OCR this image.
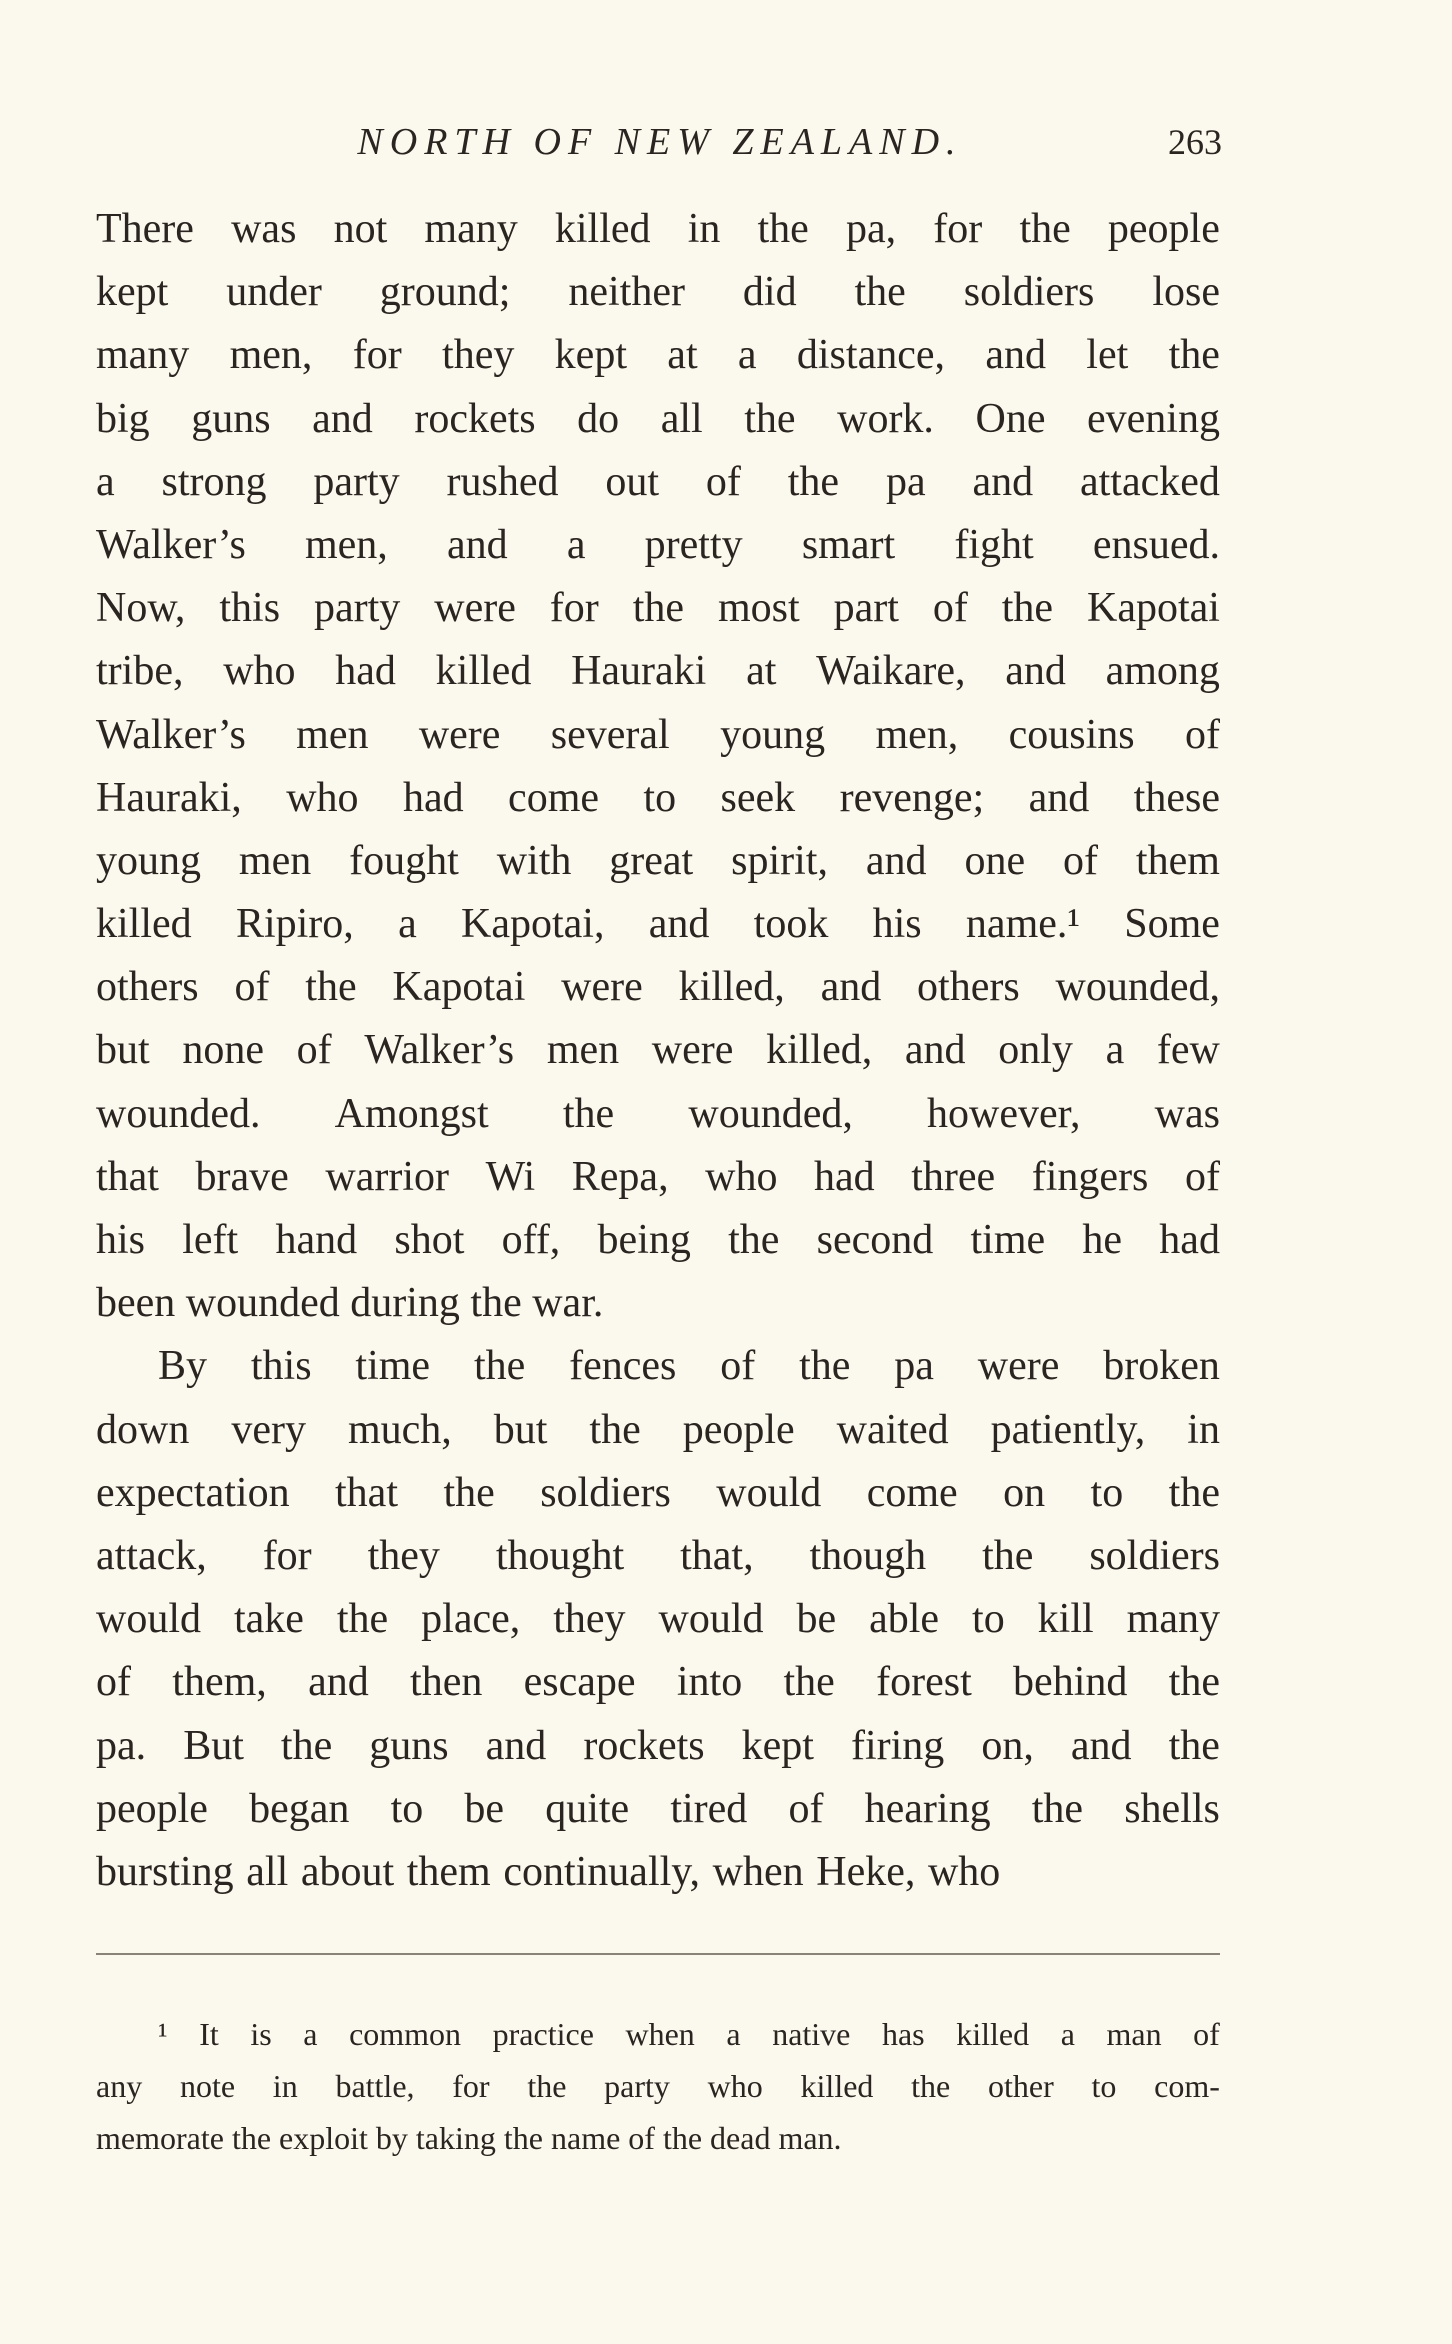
NORTH OF NEW ZEALAND.	263
There was not many killed in the pa, for the people
kept under ground; neither did the soldiers lose
many men, for they kept at a distance, and let the
big guns and rockets do all the work. One evening
a strong party rushed out of the pa and attacked
Walker’s men, and a pretty smart fight ensued.
Now, this party were for the most part of the Kapotai
tribe, who had killed Hauraki at Waikare, and among
Walker’s men were several young men, cousins of
Hauraki, who had come to seek revenge; and these
young men fought with great spirit, and one of them
killed Ripiro, a Kapotai, and took his name.¹ Some
others of the Kapotai were killed, and others wounded,
but none of Walker’s men were killed, and only a few
wounded. Amongst the wounded, however, was
that brave warrior Wi Repa, who had three fingers of
his left hand shot off, being the second time he had
been wounded during the war.
By this time the fences of the pa were broken
down very much, but the people waited patiently, in
expectation that the soldiers would come on to the
attack, for they thought that, though the soldiers
would take the place, they would be able to kill many
of them, and then escape into the forest behind the
pa. But the guns and rockets kept firing on, and the
people began to be quite tired of hearing the shells
bursting all about them continually, when Heke, who
¹ It is a common practice when a native has killed a man of
any note in battle, for the party who killed the other to com-
memorate the exploit by taking the name of the dead man.
